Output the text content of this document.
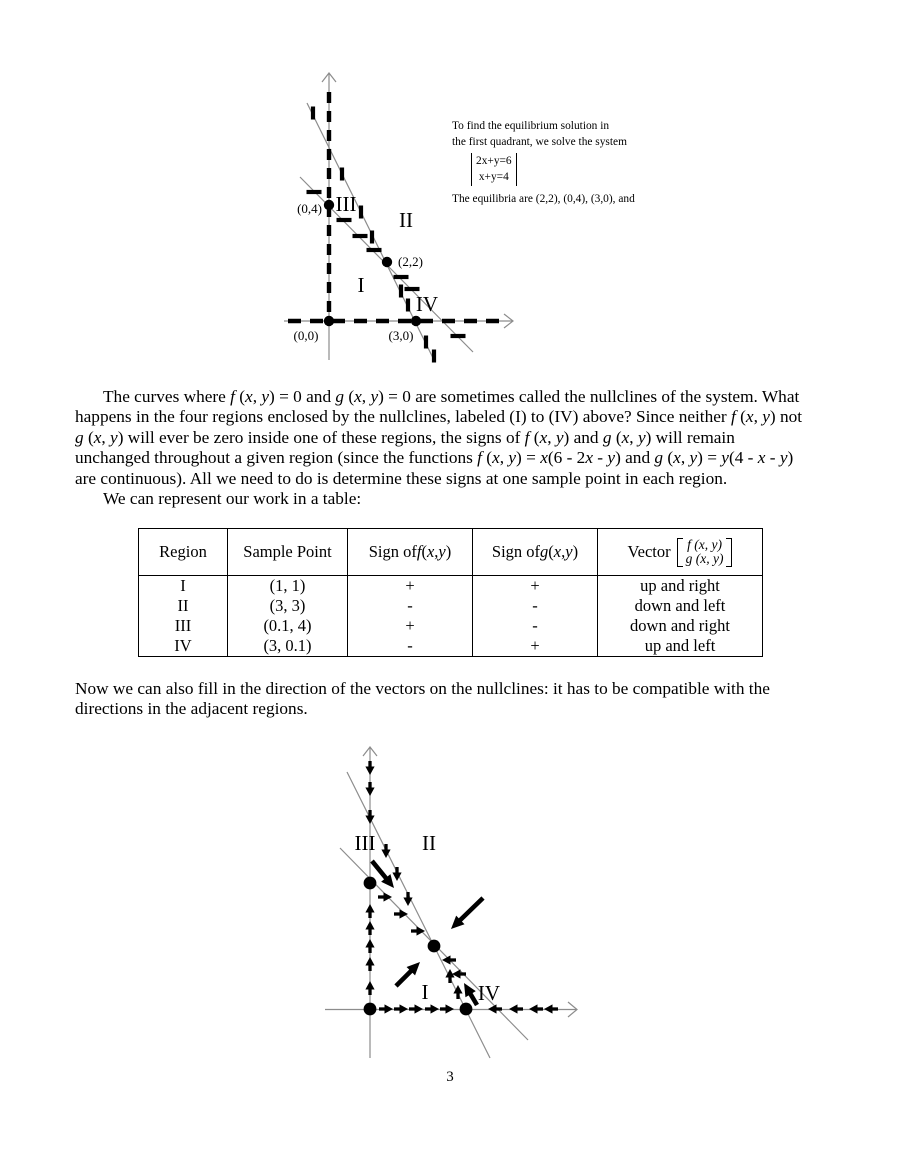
(0,4)
(2,2)
(0,0)	(3,0)
III
II
I
IV
To find the equilibrium solution in
the first quadrant, we solve the system
2x+y=6
x+y=4
The equilibria are (2,2), (0,4), (3,0), and
The curves where f (x, y) = 0 and g (x, y) = 0 are sometimes called the nullclines of the system. What
happens in the four regions enclosed by the nullclines, labeled (I) to (IV) above? Since neither f (x, y) not
g (x, y) will ever be zero inside one of these regions, the signs of f (x, y) and g (x, y) will remain
unchanged throughout a given region (since the functions f (x, y) = x(6 - 2x - y) and g (x, y) = y(4 - x - y)
are continuous). All we need to do is determine these signs at one sample point in each region.
We can represent our work in a table:
Region	Sample Point	Sign of f ( x , y )	Sign of g ( x , y )	Vector f (x, y)
g (x, y)
I	(1, 1)	+	+	up and right
II	(3, 3)	-	-	down and left
III	(0.1, 4)	+	-	down and right
IV	(3, 0.1)	-	+	up and left
Now we can also fill in the direction of the vectors on the nullclines: it has to be compatible with the
directions in the adjacent regions.
III II
I IV
3
